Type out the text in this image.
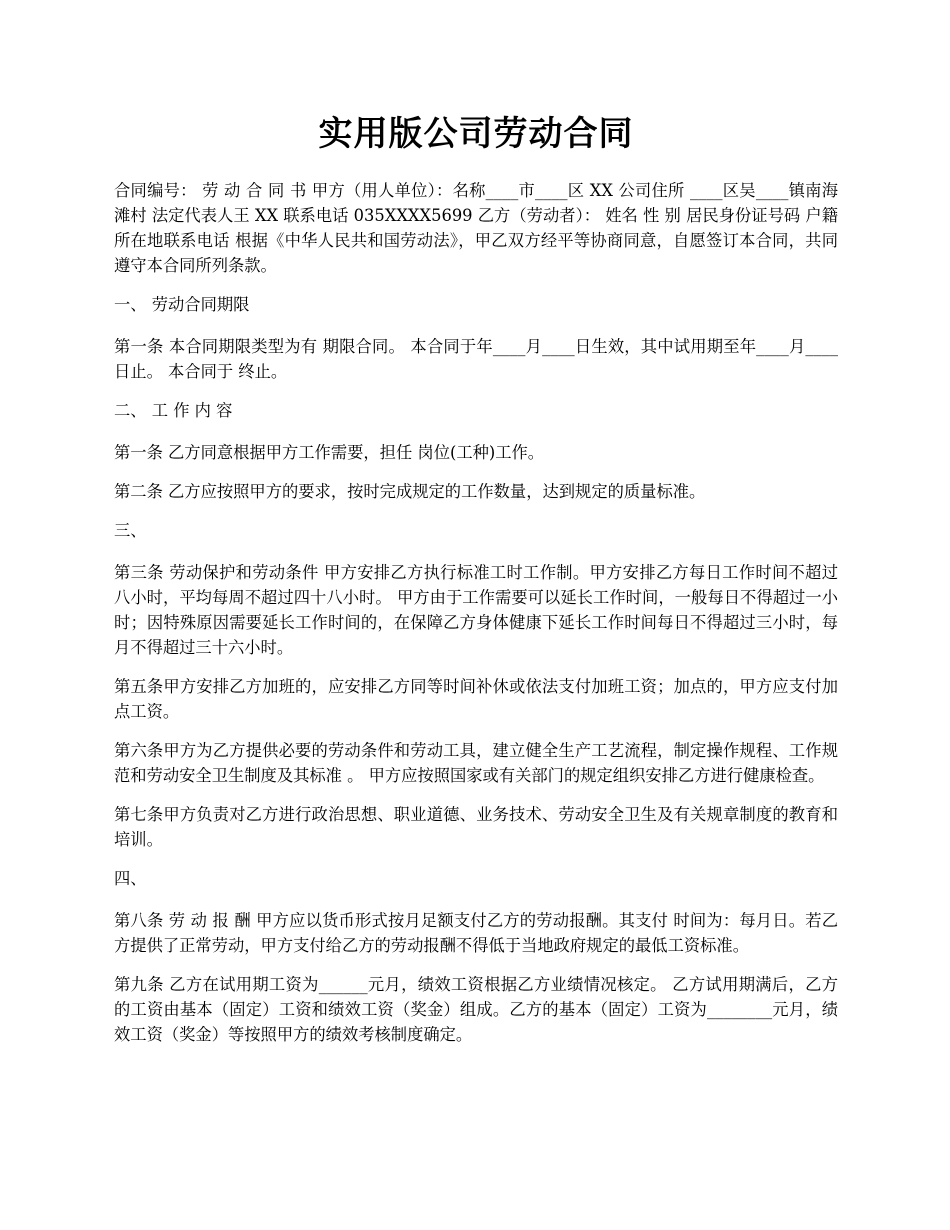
实用版公司劳动合同

合同编号： 劳 动 合 同 书 甲方（用人单位）：名称____市____区 XX 公司住所 ____区吴____镇南海滩村 法定代表人王 XX 联系电话 035XXXX5699 乙方（劳动者）： 姓名 性 别 居民身份证号码 户籍所在地联系电话 根据《中华人民共和国劳动法》，甲乙双方经平等协商同意，自愿签订本合同，共同遵守本合同所列条款。

一、 劳动合同期限

第一条 本合同期限类型为有 期限合同。 本合同于年____月____日生效，其中试用期至年____月____日止。 本合同于 终止。

二、 工 作 内 容

第一条 乙方同意根据甲方工作需要，担任 岗位(工种)工作。

第二条 乙方应按照甲方的要求，按时完成规定的工作数量，达到规定的质量标准。

三、

第三条 劳动保护和劳动条件 甲方安排乙方执行标准工时工作制。甲方安排乙方每日工作时间不超过八小时，平均每周不超过四十八小时。 甲方由于工作需要可以延长工作时间，一般每日不得超过一小时；因特殊原因需要延长工作时间的，在保障乙方身体健康下延长工作时间每日不得超过三小时，每月不得超过三十六小时。

第五条甲方安排乙方加班的，应安排乙方同等时间补休或依法支付加班工资；加点的，甲方应支付加点工资。

第六条甲方为乙方提供必要的劳动条件和劳动工具，建立健全生产工艺流程，制定操作规程、工作规范和劳动安全卫生制度及其标准 。 甲方应按照国家或有关部门的规定组织安排乙方进行健康检查。

第七条甲方负责对乙方进行政治思想、职业道德、业务技术、劳动安全卫生及有关规章制度的教育和培训。

四、

第八条 劳 动 报 酬 甲方应以货币形式按月足额支付乙方的劳动报酬。其支付 时间为：每月日。若乙方提供了正常劳动，甲方支付给乙方的劳动报酬不得低于当地政府规定的最低工资标准。

第九条 乙方在试用期工资为______元月，绩效工资根据乙方业绩情况核定。 乙方试用期满后，乙方的工资由基本（固定）工资和绩效工资（奖金）组成。乙方的基本（固定）工资为________元月，绩效工资（奖金）等按照甲方的绩效考核制度确定。
